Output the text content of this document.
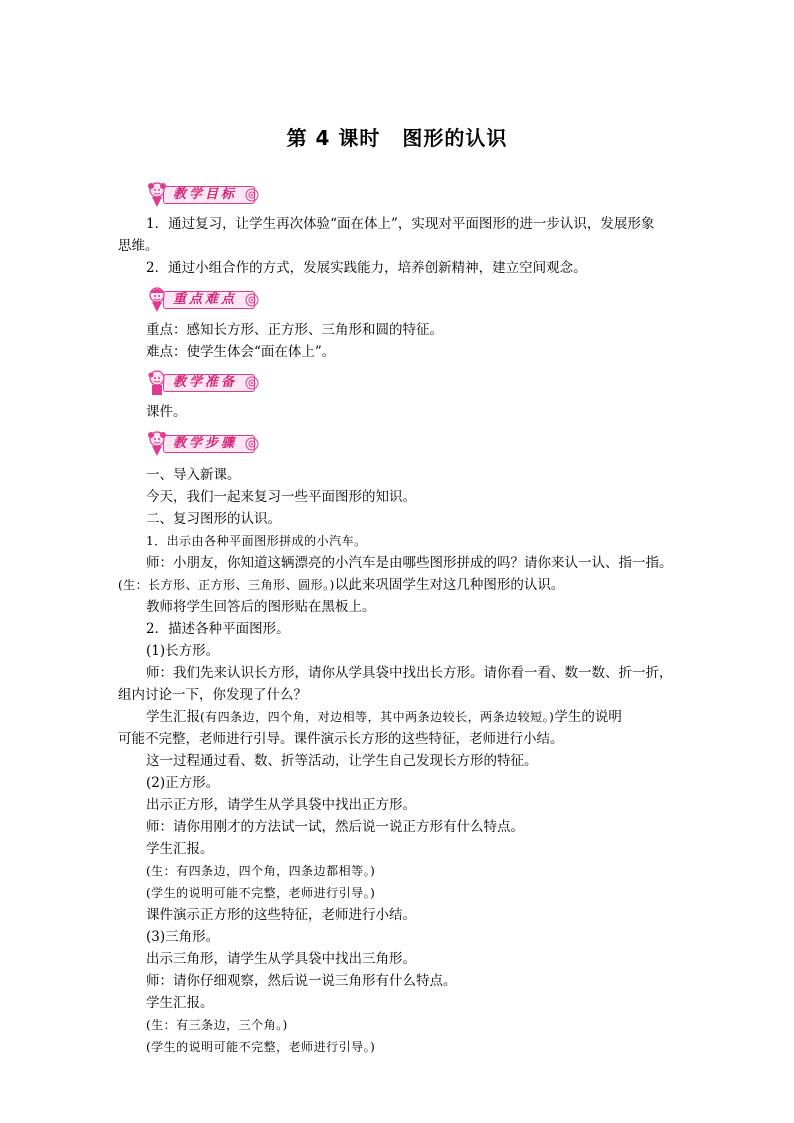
第 4 课时 图形的认识
教学目标
1．通过复习，让学生再次体验“面在体上”，实现对平面图形的进一步认识，发展形象
思维。
2．通过小组合作的方式，发展实践能力，培养创新精神，建立空间观念。
重点难点
重点：感知长方形、正方形、三角形和圆的特征。
难点：使学生体会“面在体上”。
教学准备
课件。
教学步骤
一、导入新课。
今天，我们一起来复习一些平面图形的知识。
二、复习图形的认识。
1．出示由各种平面图形拼成的小汽车。
师：小朋友，你知道这辆漂亮的小汽车是由哪些图形拼成的吗？请你来认一认、指一指。
(生：长方形、正方形、三角形、圆形。)以此来巩固学生对这几种图形的认识。
教师将学生回答后的图形贴在黑板上。
2．描述各种平面图形。
(1)长方形。
师：我们先来认识长方形，请你从学具袋中找出长方形。请你看一看、数一数、折一折，
组内讨论一下，你发现了什么？
学生汇报(有四条边，四个角，对边相等，其中两条边较长，两条边较短。)学生的说明
可能不完整，老师进行引导。课件演示长方形的这些特征，老师进行小结。
这一过程通过看、数、折等活动，让学生自己发现长方形的特征。
(2)正方形。
出示正方形，请学生从学具袋中找出正方形。
师：请你用刚才的方法试一试，然后说一说正方形有什么特点。
学生汇报。
(生：有四条边，四个角，四条边都相等。)
(学生的说明可能不完整，老师进行引导。)
课件演示正方形的这些特征，老师进行小结。
(3)三角形。
出示三角形，请学生从学具袋中找出三角形。
师：请你仔细观察，然后说一说三角形有什么特点。
学生汇报。
(生：有三条边，三个角。)
(学生的说明可能不完整，老师进行引导。)
